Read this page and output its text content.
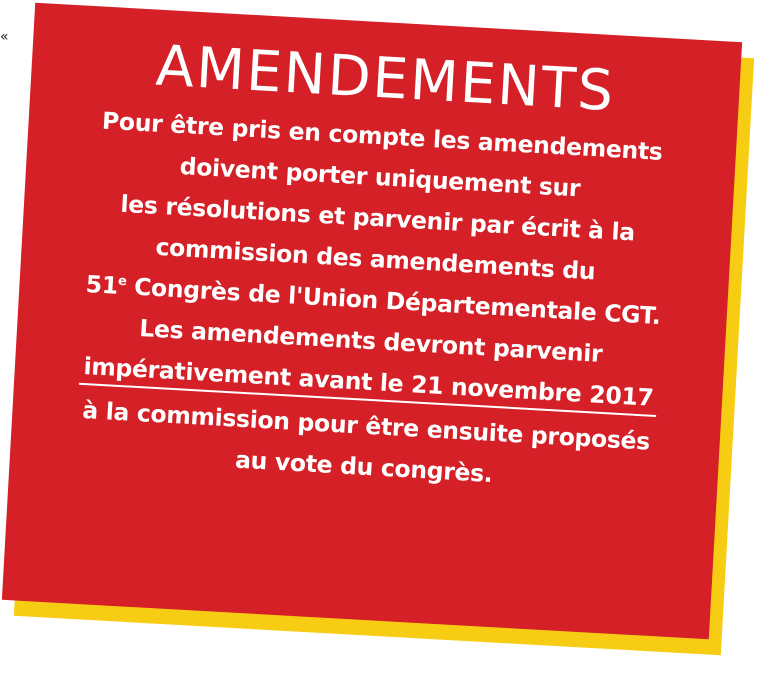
«	AMENDEMENTS
Pour être pris en compte les amendements
doivent porter uniquement sur
les résolutions et parvenir par écrit à la
commission des amendements du
51e Congrès de l'Union Départementale CGT.
Les amendements devront parvenir
impérativement avant le 21 novembre 2017
à la commission pour être ensuite proposés
au vote du congrès.
